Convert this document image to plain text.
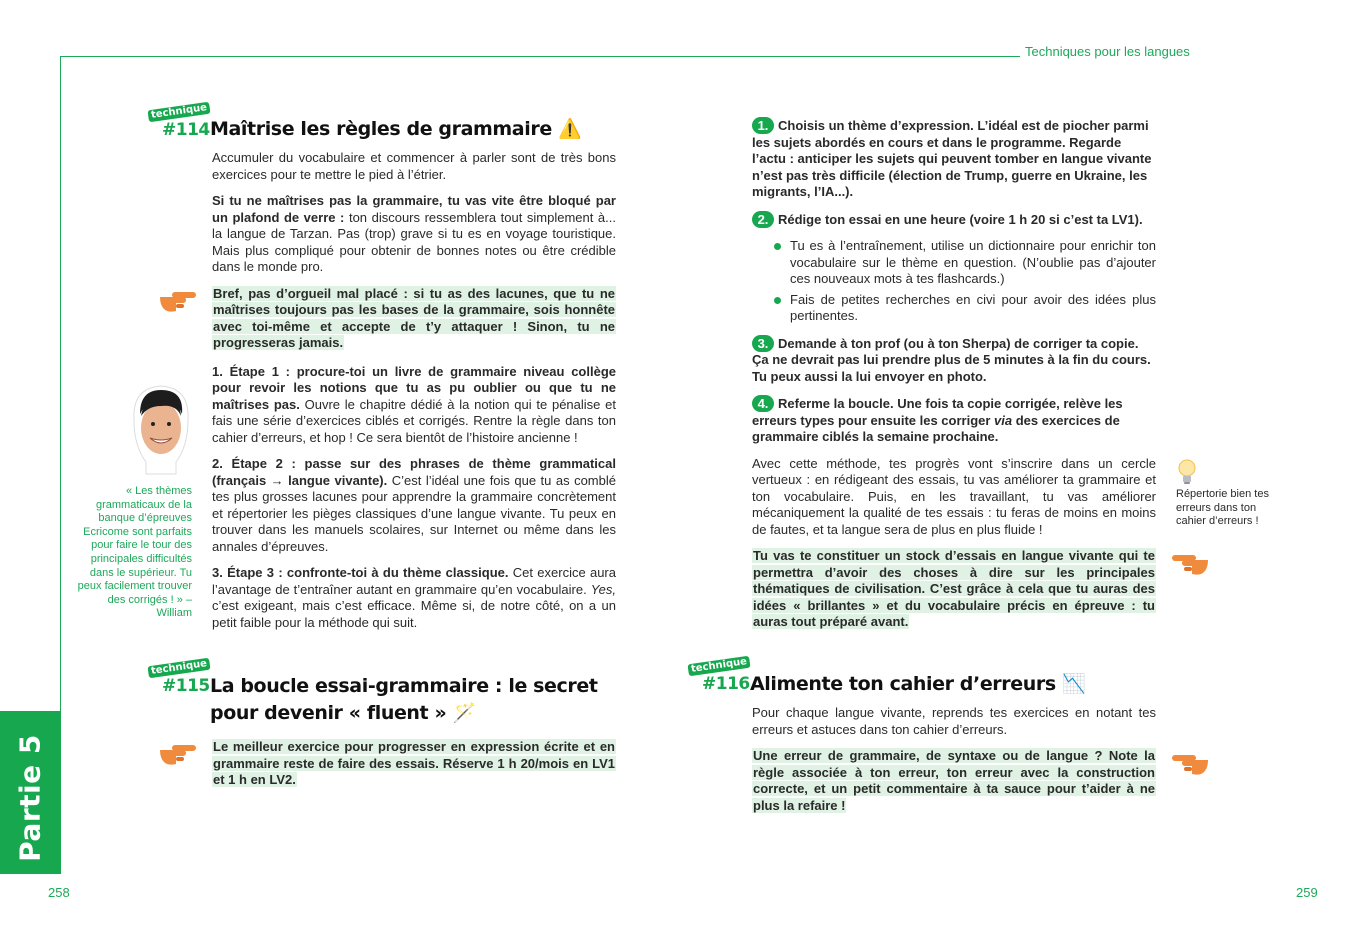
Techniques pour les langues
Partie 5
258	259
technique
#114 Maîtrise les règles de grammaire ⚠️
« Les thèmes grammaticaux de la banque d’épreuves Ecricome sont parfaits pour faire le tour des principales difficultés dans le supérieur. Tu peux facilement trouver des corrigés ! » – William

Accumuler du vocabulaire et commencer à parler sont de très bons exercices pour te mettre le pied à l’étrier.

Si tu ne maîtrises pas la grammaire, tu vas vite être bloqué par un plafond de verre : ton discours ressemblera tout simplement à... la langue de Tarzan. Pas (trop) grave si tu es en voyage touristique. Mais plus compliqué pour obtenir de bonnes notes ou être crédible dans le monde pro.

Bref, pas d’orgueil mal placé : si tu as des lacunes, que tu ne maîtrises toujours pas les bases de la grammaire, sois honnête avec toi-même et accepte de t’y attaquer ! Sinon, tu ne progresseras jamais.

1. Étape 1 : procure-toi un livre de grammaire niveau collège pour revoir les notions que tu as pu oublier ou que tu ne maîtrises pas. Ouvre le chapitre dédié à la notion qui te pénalise et fais une série d’exercices ciblés et corrigés. Rentre la règle dans ton cahier d’erreurs, et hop ! Ce sera bientôt de l’histoire ancienne !

2. Étape 2 : passe sur des phrases de thème grammatical (français → langue vivante). C’est l’idéal une fois que tu as comblé tes plus grosses lacunes pour apprendre la grammaire concrètement et répertorier les pièges classiques d’une langue vivante. Tu peux en trouver dans les manuels scolaires, sur Internet ou même dans les annales d’épreuves.

3. Étape 3 : confronte-toi à du thème classique. Cet exercice aura l’avantage de t’entraîner autant en grammaire qu’en vocabulaire. Yes, c’est exigeant, mais c’est efficace. Même si, de notre côté, on a un petit faible pour la méthode qui suit.

technique
#115 La boucle essai-grammaire : le secret
pour devenir « fluent » 🪄

Le meilleur exercice pour progresser en expression écrite et en grammaire reste de faire des essais. Réserve 1 h 20/mois en LV1 et 1 h en LV2.

1. Choisis un thème d’expression. L’idéal est de piocher parmi les sujets abordés en cours et dans le programme. Regarde l’actu : anticiper les sujets qui peuvent tomber en langue vivante n’est pas très difficile (élection de Trump, guerre en Ukraine, les migrants, l’IA...).

2. Rédige ton essai en une heure (voire 1 h 20 si c’est ta LV1).

Tu es à l’entraînement, utilise un dictionnaire pour enrichir ton vocabulaire sur le thème en question. (N’oublie pas d’ajouter ces nouveaux mots à tes flashcards.)
Fais de petites recherches en civi pour avoir des idées plus pertinentes.

3. Demande à ton prof (ou à ton Sherpa) de corriger ta copie. Ça ne devrait pas lui prendre plus de 5 minutes à la fin du cours. Tu peux aussi la lui envoyer en photo.

4. Referme la boucle. Une fois ta copie corrigée, relève les erreurs types pour ensuite les corriger via des exercices de grammaire ciblés la semaine prochaine.

Avec cette méthode, tes progrès vont s’inscrire dans un cercle vertueux : en rédigeant des essais, tu vas améliorer ta grammaire et ton vocabulaire. Puis, en les travaillant, tu vas améliorer mécaniquement la qualité de tes essais : tu feras de moins en moins de fautes, et ta langue sera de plus en plus fluide !

Tu vas te constituer un stock d’essais en langue vivante qui te permettra d’avoir des choses à dire sur les principales thématiques de civilisation. C’est grâce à cela que tu auras des idées « brillantes » et du vocabulaire précis en épreuve : tu auras tout préparé avant.

Répertorie bien tes erreurs dans ton cahier d’erreurs !
technique
#116 Alimente ton cahier d’erreurs 📉

Pour chaque langue vivante, reprends tes exercices en notant tes erreurs et astuces dans ton cahier d’erreurs.

Une erreur de grammaire, de syntaxe ou de langue ? Note la règle associée à ton erreur, ton erreur avec la construction correcte, et un petit commentaire à ta sauce pour t’aider à ne plus la refaire !
